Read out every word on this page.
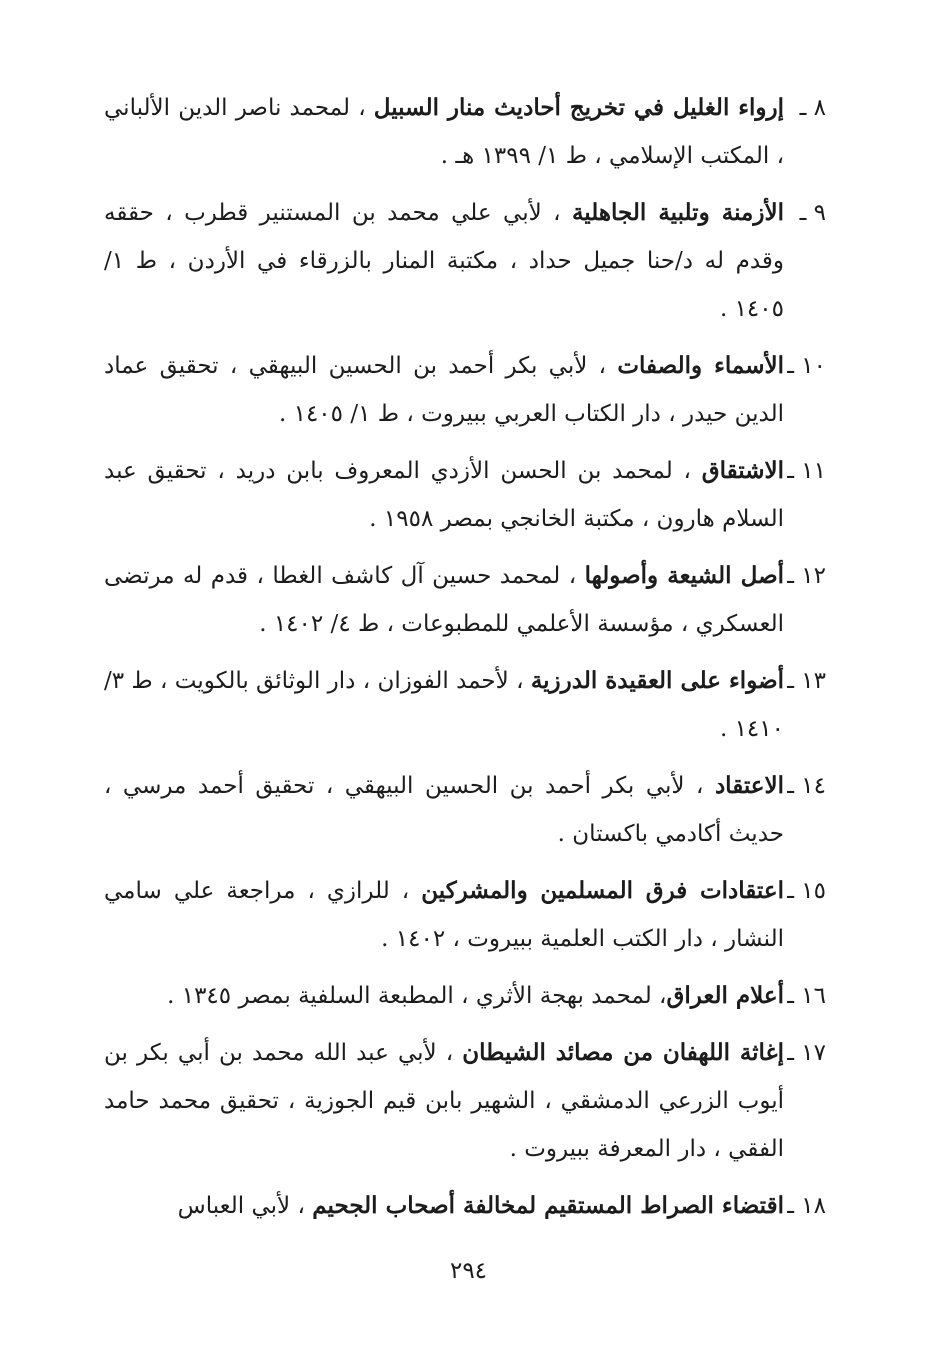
٨ ـ
إرواء الغليل في تخريج أحاديث منار السبيل ، لمحمد ناصر الدين الألباني ، المكتب الإسلامي ، ط ١/ ١٣٩٩ هـ .
٩ ـ
الأزمنة وتلبية الجاهلية ، لأبي علي محمد بن المستنير قطرب ، حققه وقدم له د/حنا جميل حداد ، مكتبة المنار بالزرقاء في الأردن ، ط ١/ ١٤٠٥ .
١٠ ـ
الأسماء والصفات ، لأبي بكر أحمد بن الحسين البيهقي ، تحقيق عماد الدين حيدر ، دار الكتاب العربي ببيروت ، ط ١/ ١٤٠٥ .
١١ ـ
الاشتقاق ، لمحمد بن الحسن الأزدي المعروف بابن دريد ، تحقيق عبد السلام هارون ، مكتبة الخانجي بمصر ١٩٥٨ .
١٢ ـ
أصل الشيعة وأصولها ، لمحمد حسين آل كاشف الغطا ، قدم له مرتضى العسكري ، مؤسسة الأعلمي للمطبوعات ، ط ٤/ ١٤٠٢ .
١٣ ـ
أضواء على العقيدة الدرزية ، لأحمد الفوزان ، دار الوثائق بالكويت ، ط ٣/ ١٤١٠ .
١٤ ـ
الاعتقاد ، لأبي بكر أحمد بن الحسين البيهقي ، تحقيق أحمد مرسي ، حديث أكادمي باكستان .
١٥ ـ
اعتقادات فرق المسلمين والمشركين ، للرازي ، مراجعة علي سامي النشار ، دار الكتب العلمية ببيروت ، ١٤٠٢ .
١٦ ـ
أعلام العراق، لمحمد بهجة الأثري ، المطبعة السلفية بمصر ١٣٤٥ .
١٧ ـ
إغاثة اللهفان من مصائد الشيطان ، لأبي عبد الله محمد بن أبي بكر بن أيوب الزرعي الدمشقي ، الشهير بابن قيم الجوزية ، تحقيق محمد حامد الفقي ، دار المعرفة ببيروت .
١٨ ـ
اقتضاء الصراط المستقيم لمخالفة أصحاب الجحيم ، لأبي العباس
٢٩٤
